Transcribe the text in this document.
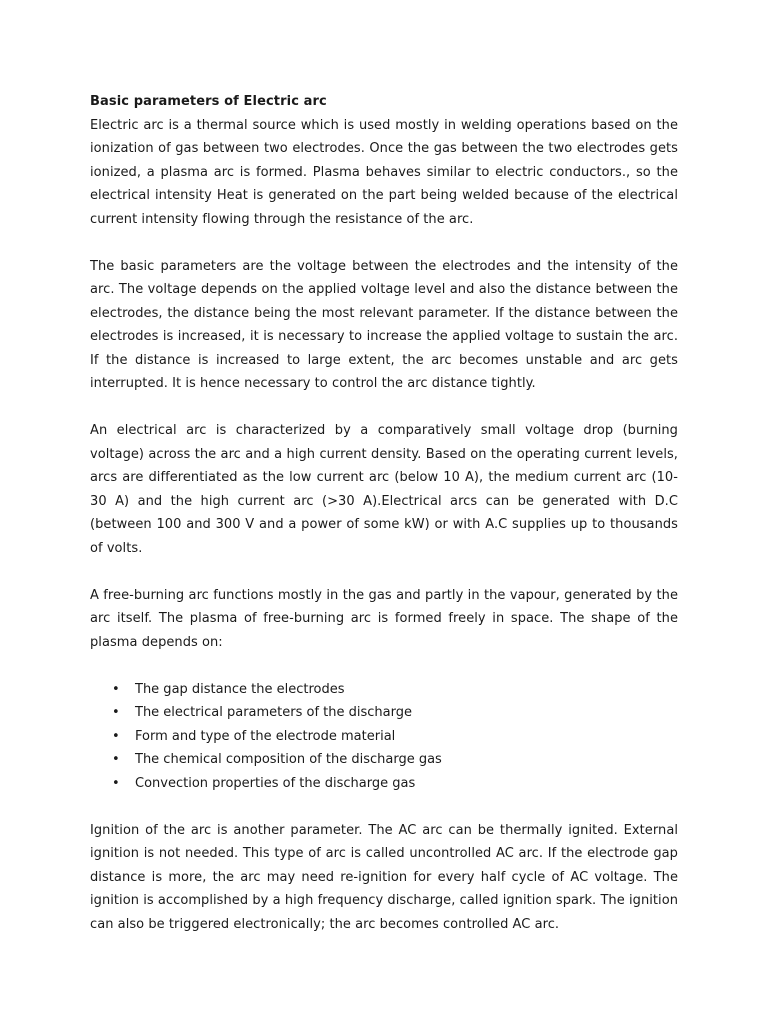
Basic parameters of Electric arc

Electric arc is a thermal source which is used mostly in welding operations based on the ionization of gas between two electrodes. Once the gas between the two electrodes gets ionized, a plasma arc is formed. Plasma behaves similar to electric conductors., so the electrical intensity Heat is generated on the part being welded because of the electrical current intensity flowing through the resistance of the arc.

The basic parameters are the voltage between the electrodes and the intensity of the arc. The voltage depends on the applied voltage level and also the distance between the electrodes, the distance being the most relevant parameter. If the distance between the electrodes is increased, it is necessary to increase the applied voltage to sustain the arc. If the distance is increased to large extent, the arc becomes unstable and arc gets interrupted. It is hence necessary to control the arc distance tightly.

An electrical arc is characterized by a comparatively small voltage drop (burning voltage) across the arc and a high current density. Based on the operating current levels, arcs are differentiated as the low current arc (below 10 A), the medium current arc (10-30 A) and the high current arc (>30 A).Electrical arcs can be generated with D.C (between 100 and 300 V and a power of some kW) or with A.C supplies up to thousands of volts.

A free-burning arc functions mostly in the gas and partly in the vapour, generated by the arc itself. The plasma of free-burning arc is formed freely in space. The shape of the plasma depends on:

• The gap distance the electrodes
• The electrical parameters of the discharge
• Form and type of the electrode material
• The chemical composition of the discharge gas
• Convection properties of the discharge gas

Ignition of the arc is another parameter. The AC arc can be thermally ignited. External ignition is not needed. This type of arc is called uncontrolled AC arc. If the electrode gap distance is more, the arc may need re-ignition for every half cycle of AC voltage. The ignition is accomplished by a high frequency discharge, called ignition spark. The ignition can also be triggered electronically; the arc becomes controlled AC arc.
